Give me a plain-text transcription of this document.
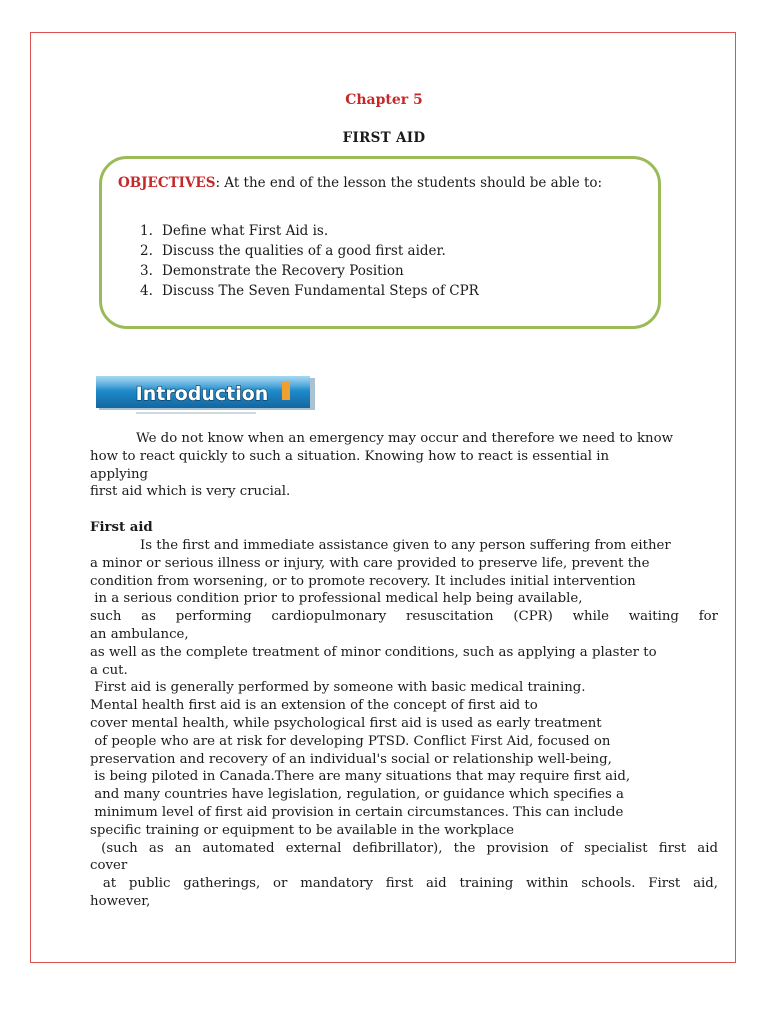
Chapter 5
FIRST AID
OBJECTIVES: At the end of the lesson the students should be able to:
1. Define what First Aid is.
2. Discuss the qualities of a good first aider.
3. Demonstrate the Recovery Position
4. Discuss The Seven Fundamental Steps of CPR
Introduction

We do not know when an emergency may occur and therefore we need to know

how to react quickly to such a situation. Knowing how to react is essential in

applying

first aid which is very crucial.

First aid

Is the first and immediate assistance given to any person suffering from either

a minor or serious illness or injury, with care provided to preserve life, prevent the

condition from worsening, or to promote recovery. It includes initial intervention

in a serious condition prior to professional medical help being available,

such as performing cardiopulmonary resuscitation (CPR) while waiting for

an ambulance,

as well as the complete treatment of minor conditions, such as applying a plaster to

a cut.

First aid is generally performed by someone with basic medical training.

Mental health first aid is an extension of the concept of first aid to

cover mental health, while psychological first aid is used as early treatment

of people who are at risk for developing PTSD. Conflict First Aid, focused on

preservation and recovery of an individual's social or relationship well-being,

is being piloted in Canada.There are many situations that may require first aid,

and many countries have legislation, regulation, or guidance which specifies a

minimum level of first aid provision in certain circumstances. This can include

specific training or equipment to be available in the workplace

(such as an automated external defibrillator), the provision of specialist first aid

cover

at public gatherings, or mandatory first aid training within schools. First aid,

however,
